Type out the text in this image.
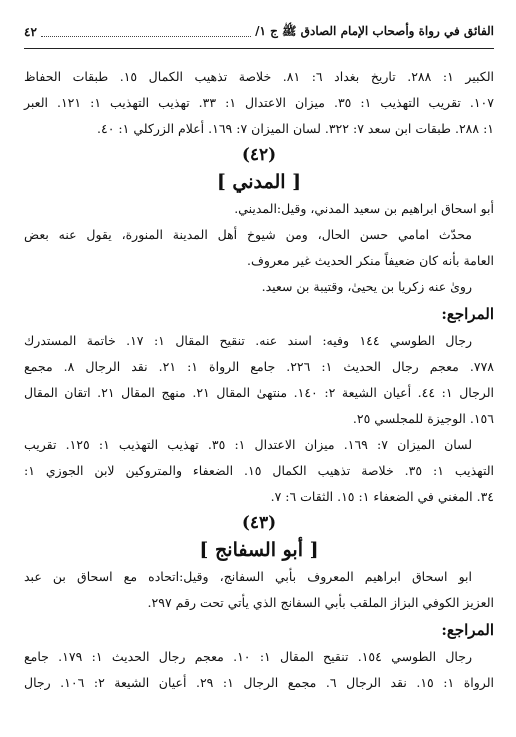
الفائق في رواة وأصحاب الإمام الصادق ﷺ ج ١/
٤٢
الكبير ١: ٢٨٨. تاريخ بغداد ٦: ٨١. خلاصة تذهيب الكمال ١٥. طبقات الحفاظ
١٠٧. تقريب التهذيب ١: ٣٥. ميزان الاعتدال ١: ٣٣. تهذيب التهذيب ١: ١٢١. العبر
١: ٢٨٨. طبقات ابن سعد ٧: ٣٢٢. لسان الميزان ٧: ١٦٩. أعلام الزركلي ١: ٤٠.
(٤٢)
[ المدني ]
أبو اسحاق ابراهيم بن سعيد المدني، وقيل:المديني.
محدّث امامي حسن الحال، ومن شيوخ أهل المدينة المنورة، يقول عنه بعض
العامة بأنه كان ضعيفاً منكر الحديث غير معروف.
روىٰ عنه زكريا بن يحيىٰ، وقتيبة بن سعيد.
المراجع:
رجال الطوسي ١٤٤ وفيه: اسند عنه. تنقيح المقال ١: ١٧. خاتمة المستدرك
٧٧٨. معجم رجال الحديث ١: ٢٢٦. جامع الرواة ١: ٢١. نقد الرجال ٨. مجمع
الرجال ١: ٤٤. أعيان الشيعة ٢: ١٤٠. منتهىٰ المقال ٢١. منهج المقال ٢١. اتقان المقال
١٥٦. الوجيزة للمجلسي ٢٥.
لسان الميزان ٧: ١٦٩. ميزان الاعتدال ١: ٣٥. تهذيب التهذيب ١: ١٢٥. تقريب
التهذيب ١: ٣٥. خلاصة تذهيب الكمال ١٥. الضعفاء والمتروكين لابن الجوزي ١:
٣٤. المغني في الضعفاء ١: ١٥. الثقات ٦: ٧.
(٤٣)
[ أبو السفانج ]
ابو اسحاق ابراهيم المعروف بأبي السفانج، وقيل:اتحاده مع اسحاق بن عبد
العزيز الكوفي البزاز الملقب بأبي السفانج الذي يأتي تحت رقم ٢٩٧.
المراجع:
رجال الطوسي ١٥٤. تنقيح المقال ١: ١٠. معجم رجال الحديث ١: ١٧٩. جامع
الرواة ١: ١٥. نقد الرجال ٦. مجمع الرجال ١: ٢٩. أعيان الشيعة ٢: ١٠٦. رجال
